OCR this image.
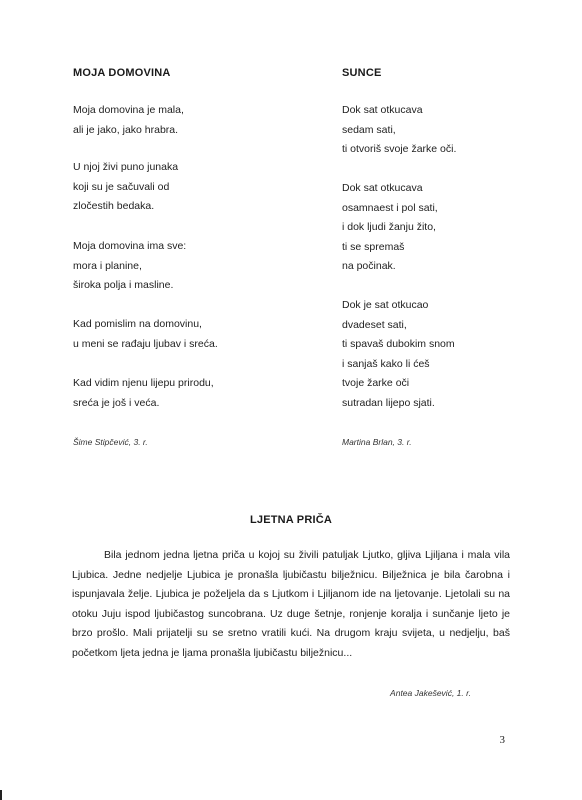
MOJA DOMOVINA

Moja domovina je mala,
ali je jako, jako hrabra.

U njoj živi puno junaka
koji su je sačuvali od
zločestih bedaka.

Moja domovina ima sve:
mora i planine,
široka polja i masline.

Kad pomislim na domovinu,
u meni se rađaju ljubav i sreća.

Kad vidim njenu lijepu prirodu,
sreća je još i veća.

Šime Stipčević, 3. r.

SUNCE

Dok sat otkucava
sedam sati,
ti otvoriš svoje žarke oči.

Dok sat otkucava
osamnaest i pol sati,
i dok ljudi žanju žito,
ti se spremaš
na počinak.

Dok je sat otkucao
dvadeset sati,
ti spavaš dubokim snom
i sanjaš kako li ćeš
tvoje žarke oči
sutradan lijepo sjati.

Martina Brlan, 3. r.

LJETNA PRIČA

Bila jednom jedna ljetna priča u kojoj su živili patuljak Ljutko, gljiva Ljiljana i mala vila Ljubica. Jedne nedjelje Ljubica je pronašla ljubičastu bilježnicu. Bilježnica je bila čarobna i ispunjavala želje. Ljubica je poželjela da s Ljutkom i Ljiljanom ide na ljetovanje. Ljetolali su na otoku Juju ispod ljubičastog suncobrana. Uz duge šetnje, ronjenje koralja i sunčanje ljeto je brzo prošlo. Mali prijatelji su se sretno vratili kući. Na drugom kraju svijeta, u nedjelju, baš početkom ljeta jedna je ljama pronašla ljubičastu bilježnicu...

Antea Jakešević, 1. r.

3
